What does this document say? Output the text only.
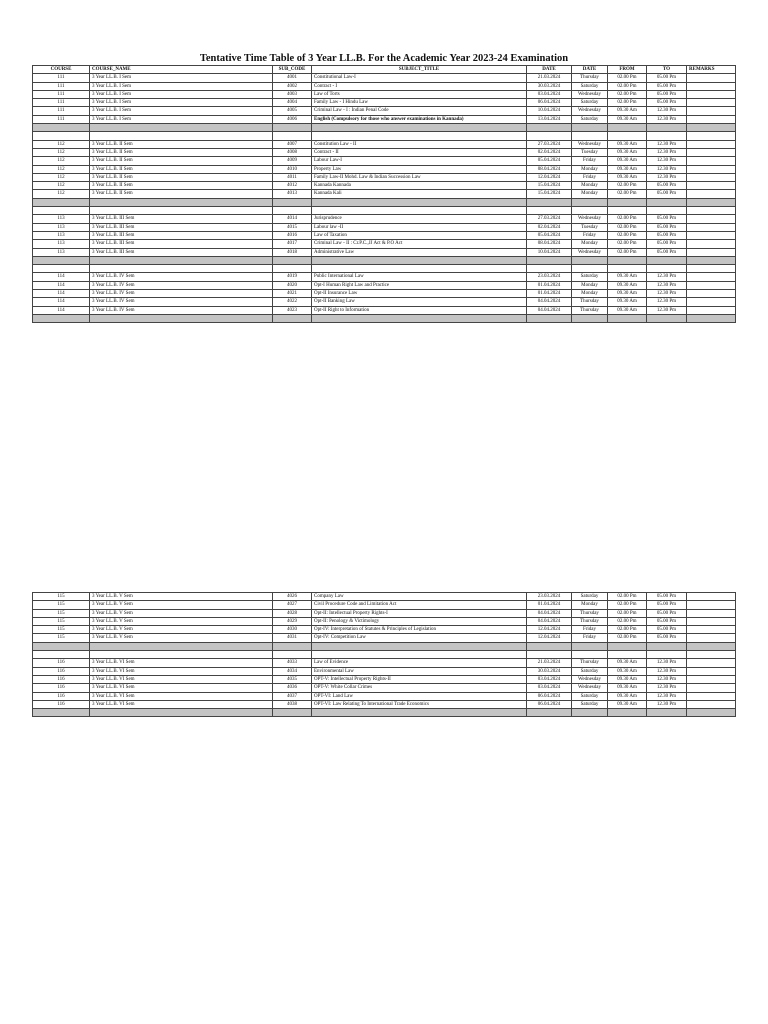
Tentative Time Table of 3 Year LL.B. For the Academic Year 2023-24 Examination
COURSE	COURSE_NAME	SUB_CODE	SUBJECT_TITLE	DATE	DATE	FROM	TO	REMARKS
111	3 Year LL.B. I Sem	4001	Constitutional Law-I	21.03.2024	Thursday	02.00 Pm	05.00 Pm	
111	3 Year LL.B. I Sem	4002	Contract - I	30.03.2024	Saturday	02.00 Pm	05.00 Pm	
111	3 Year LL.B. I Sem	4003	Law of Torts	03.04.2024	Wednesday	02.00 Pm	05.00 Pm	
111	3 Year LL.B. I Sem	4004	Family Law - I Hindu Law	06.04.2024	Saturday	02.00 Pm	05.00 Pm	
111	3 Year LL.B. I Sem	4005	Criminal Law - I : Indian Penal Code	10.04.2024	Wednesday	09.30 Am	12.30 Pm	
111	3 Year LL.B. I Sem	4006	English (Compulsory for those who answer examinations in Kannada)	13.04.2024	Saturday	09.30 Am	12.30 Pm	

112	3 Year LL.B. II Sem	4007	Constitution Law - II	27.03.2024	Wednesday	09.30 Am	12.30 Pm	
112	3 Year LL.B. II Sem	4008	Contract - II	02.04.2024	Tuesday	09.30 Am	12.30 Pm	
112	3 Year LL.B. II Sem	4009	Labour Law-I	05.04.2024	Friday	09.30 Am	12.30 Pm	
112	3 Year LL.B. II Sem	4010	Property Law	08.04.2024	Monday	09.30 Am	12.30 Pm	
112	3 Year LL.B. II Sem	4011	Family Law-II Mohd. Law & Indian Succession Law	12.04.2024	Friday	09.30 Am	12.30 Pm	
112	3 Year LL.B. II Sem	4012	Kannada Kannada	15.04.2024	Monday	02.00 Pm	05.00 Pm	
112	3 Year LL.B. II Sem	4013	Kannada Kali	15.04.2024	Monday	02.00 Pm	05.00 Pm	

113	3 Year LL.B. III Sem	4014	Jurisprudence	27.03.2024	Wednesday	02.00 Pm	05.00 Pm	
113	3 Year LL.B. III Sem	4015	Labour law -II	02.04.2024	Tuesday	02.00 Pm	05.00 Pm	
113	3 Year LL.B. III Sem	4016	Law of Taxation	05.04.2024	Friday	02.00 Pm	05.00 Pm	
113	3 Year LL.B. III Sem	4017	Criminal Law - II : Cr.P.C.,JJ Act & P.O Act	08.04.2024	Monday	02.00 Pm	05.00 Pm	
113	3 Year LL.B. III Sem	4018	Administrative Law	10.04.2024	Wednesday	02.00 Pm	05.00 Pm	

114	3 Year LL.B. IV Sem	4019	Public International Law	23.03.2024	Saturday	09.30 Am	12.30 Pm	
114	3 Year LL.B. IV Sem	4020	Opt-I Human Right Law and Practice	01.04.2024	Monday	09.30 Am	12.30 Pm	
114	3 Year LL.B. IV Sem	4021	Opt-II Insurance Law	01.04.2024	Monday	09.30 Am	12.30 Pm	
114	3 Year LL.B. IV Sem	4022	Opt-II Banking Law	04.04.2024	Thursday	09.30 Am	12.30 Pm	
114	3 Year LL.B. IV Sem	4023	Opt-II Right to Information	04.04.2024	Thursday	09.30 Am	12.30 Pm	

115	3 Year LL.B. V Sem	4026	Company Law	23.03.2024	Saturday	02.00 Pm	05.00 Pm	
115	3 Year LL.B. V Sem	4027	Civil Procedure Code and Limitation Act	01.04.2024	Monday	02.00 Pm	05.00 Pm	
115	3 Year LL.B. V Sem	4028	Opt-II: Intellectual Property Rights-I	04.04.2024	Thursday	02.00 Pm	05.00 Pm	
115	3 Year LL.B. V Sem	4029	Opt-II: Penology & Victimology	04.04.2024	Thursday	02.00 Pm	05.00 Pm	
115	3 Year LL.B. V Sem	4030	Opt-IV: Interpretation of Statutes & Principles of Legislation	12.04.2024	Friday	02.00 Pm	05.00 Pm	
115	3 Year LL.B. V Sem	4031	Opt-IV: Competition Law	12.04.2024	Friday	02.00 Pm	05.00 Pm	

116	3 Year LL.B. VI Sem	4033	Law of Evidence	21.03.2024	Thursday	09.30 Am	12.30 Pm	
116	3 Year LL.B. VI Sem	4034	Environmental Law	30.03.2024	Saturday	09.30 Am	12.30 Pm	
116	3 Year LL.B. VI Sem	4035	OPT-V: Intellectual Property Rights-II	03.04.2024	Wednesday	09.30 Am	12.30 Pm	
116	3 Year LL.B. VI Sem	4036	OPT-V: White Collar Crimes	03.04.2024	Wednesday	09.30 Am	12.30 Pm	
116	3 Year LL.B. VI Sem	4037	OPT-VI: Land Law	06.04.2024	Saturday	09.30 Am	12.30 Pm	
116	3 Year LL.B. VI Sem	4038	OPT-VI: Law Relating To International Trade Economics	06.04.2024	Saturday	09.30 Am	12.30 Pm	
